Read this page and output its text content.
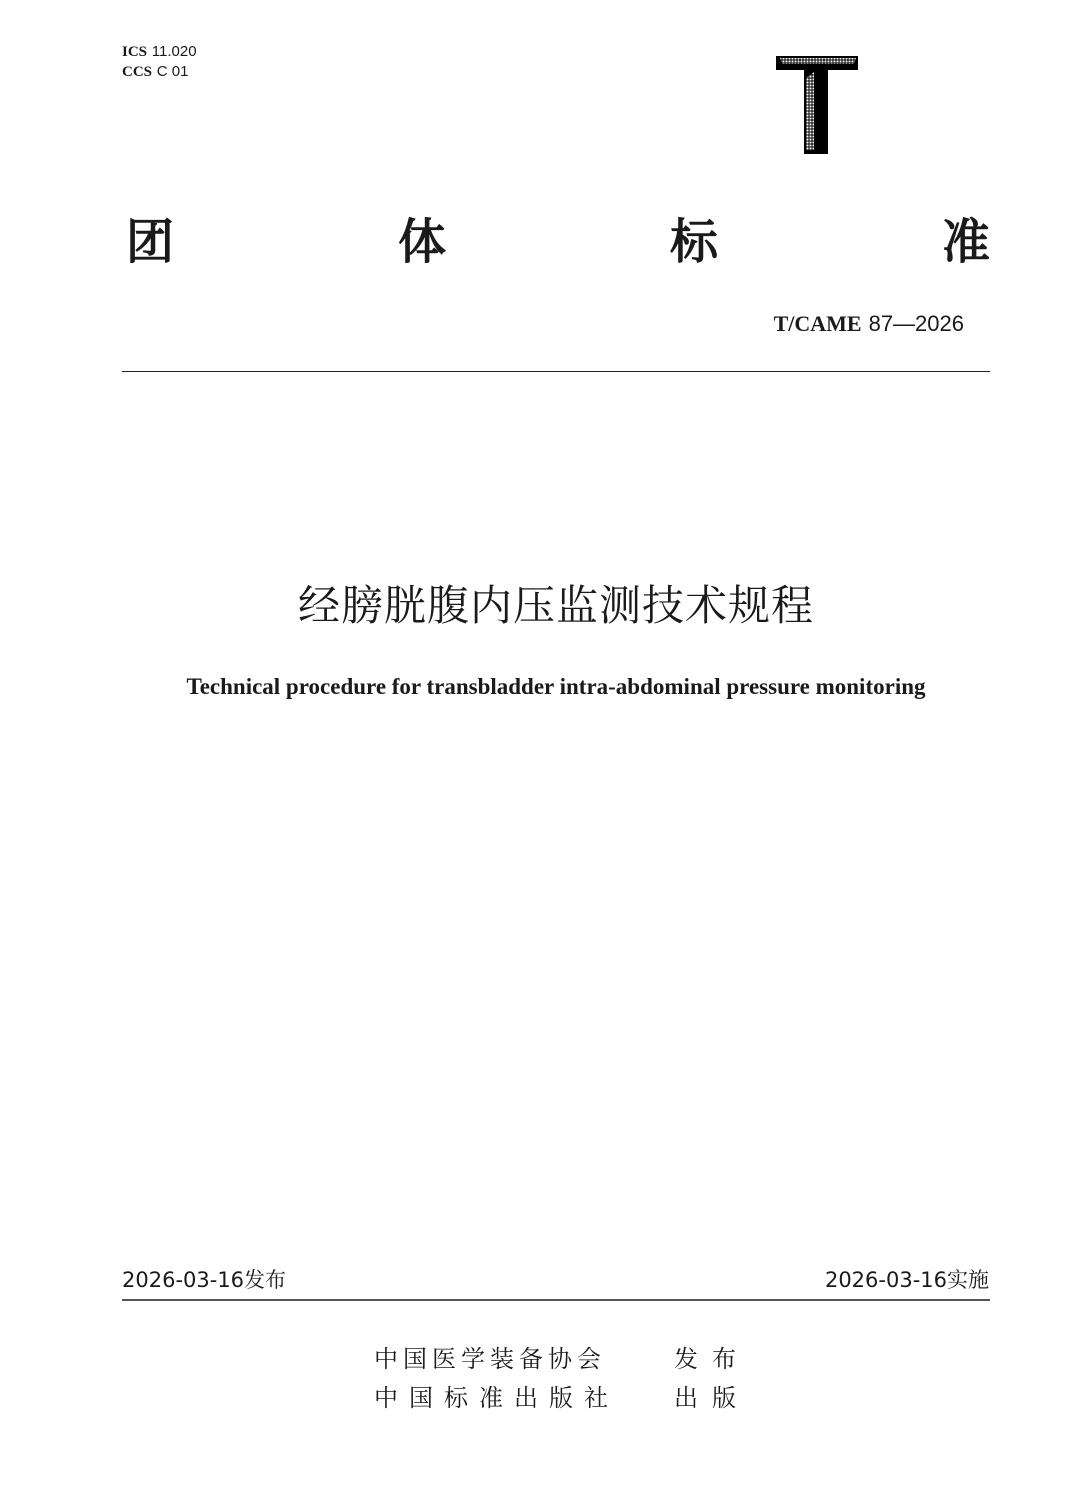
ICS 11.020
CCS C 01
团	体	标	准
T/CAME 87—2026
经膀胱腹内压监测技术规程
Technical procedure for transbladder intra-abdominal pressure monitoring
2026-03-16发布	2026-03-16实施
中国医学装备协会	发布
中国标准出版社	出版
